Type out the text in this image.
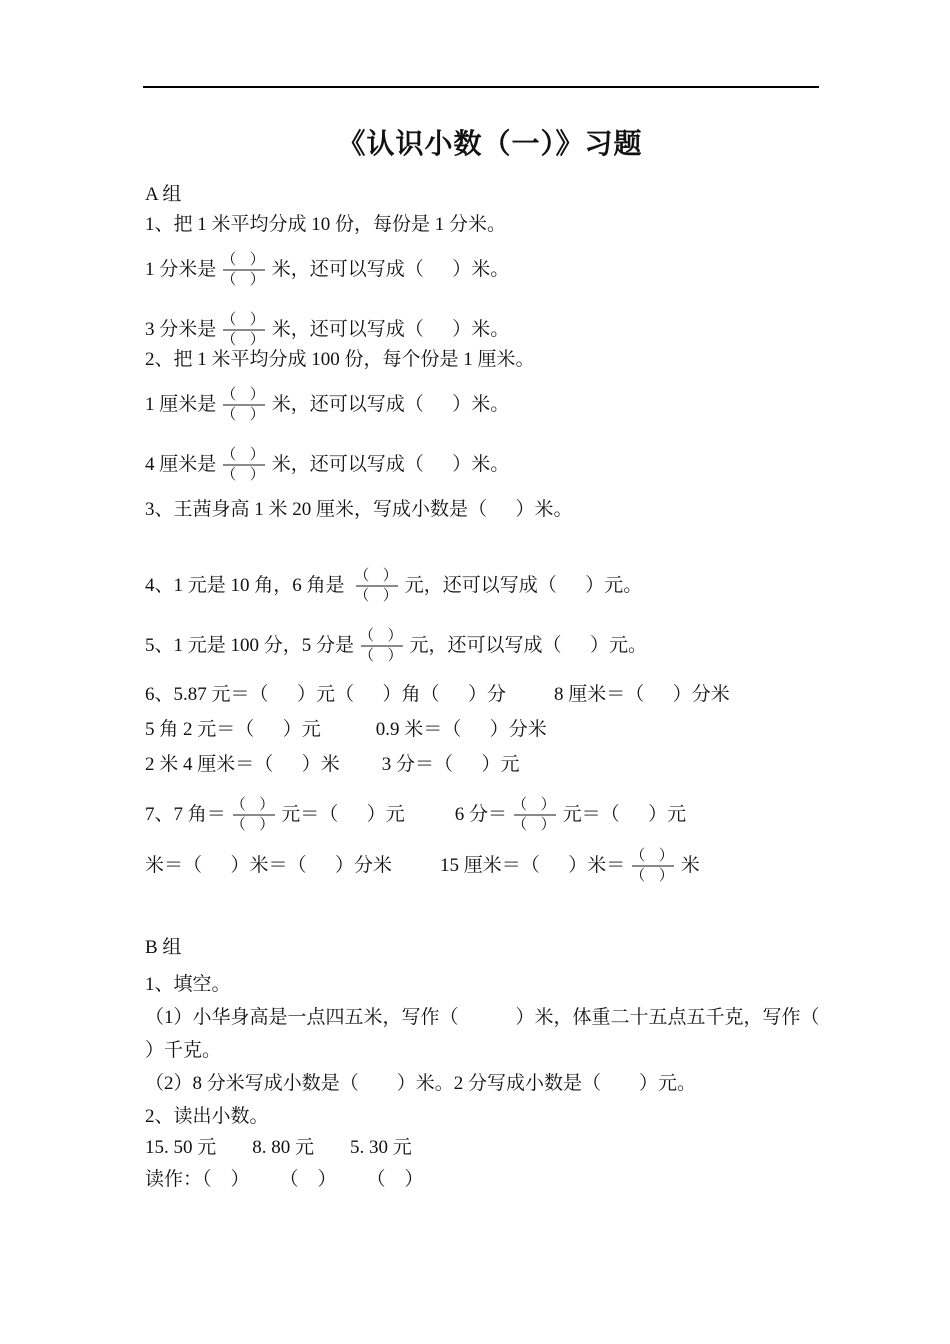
《认识小数（一）》习题
A 组
1、把 1 米平均分成 10 份，每份是 1 分米。
1 分米是 $\frac{( )}{( )}$ 米，还可以写成（      ）米。
3 分米是 $\frac{( )}{( )}$ 米，还可以写成（      ）米。
2、把 1 米平均分成 100 份，每个份是 1 厘米。
1 厘米是 $\frac{( )}{( )}$ 米，还可以写成（      ）米。
4 厘米是 $\frac{( )}{( )}$ 米，还可以写成（      ）米。
3、王茜身高 1 米 20 厘米，写成小数是（      ）米。
4、1 元是 10 角，6 角是 $\frac{( )}{( )}$ 元，还可以写成（      ）元。
5、1 元是 100 分，5 分是 $\frac{( )}{( )}$ 元，还可以写成（      ）元。
6、5.87 元＝（      ）元（      ）角（      ）分	8 厘米＝（      ）分米
5 角 2 元＝（      ）元	0.9 米＝（      ）分米
2 米 4 厘米＝（      ）米 3 分＝（      ）元
7、7 角＝ $\frac{( )}{( )}$ 元＝（      ）元	6 分＝ $\frac{( )}{( )}$ 元＝（      ）元
米＝（      ）米＝（      ）分米	15 厘米＝（      ）米＝ $\frac{( )}{( )}$ 米
B 组
1、填空。
（1）小华身高是一点四五米，写作（            ）米，体重二十五点五千克，写作（
）千克。
（2）8 分米写成小数是（        ）米。2 分写成小数是（        ）元。
2、读出小数。
15. 50 元 8. 80 元 5. 30 元
读作：（    ） （    ） （    ）
